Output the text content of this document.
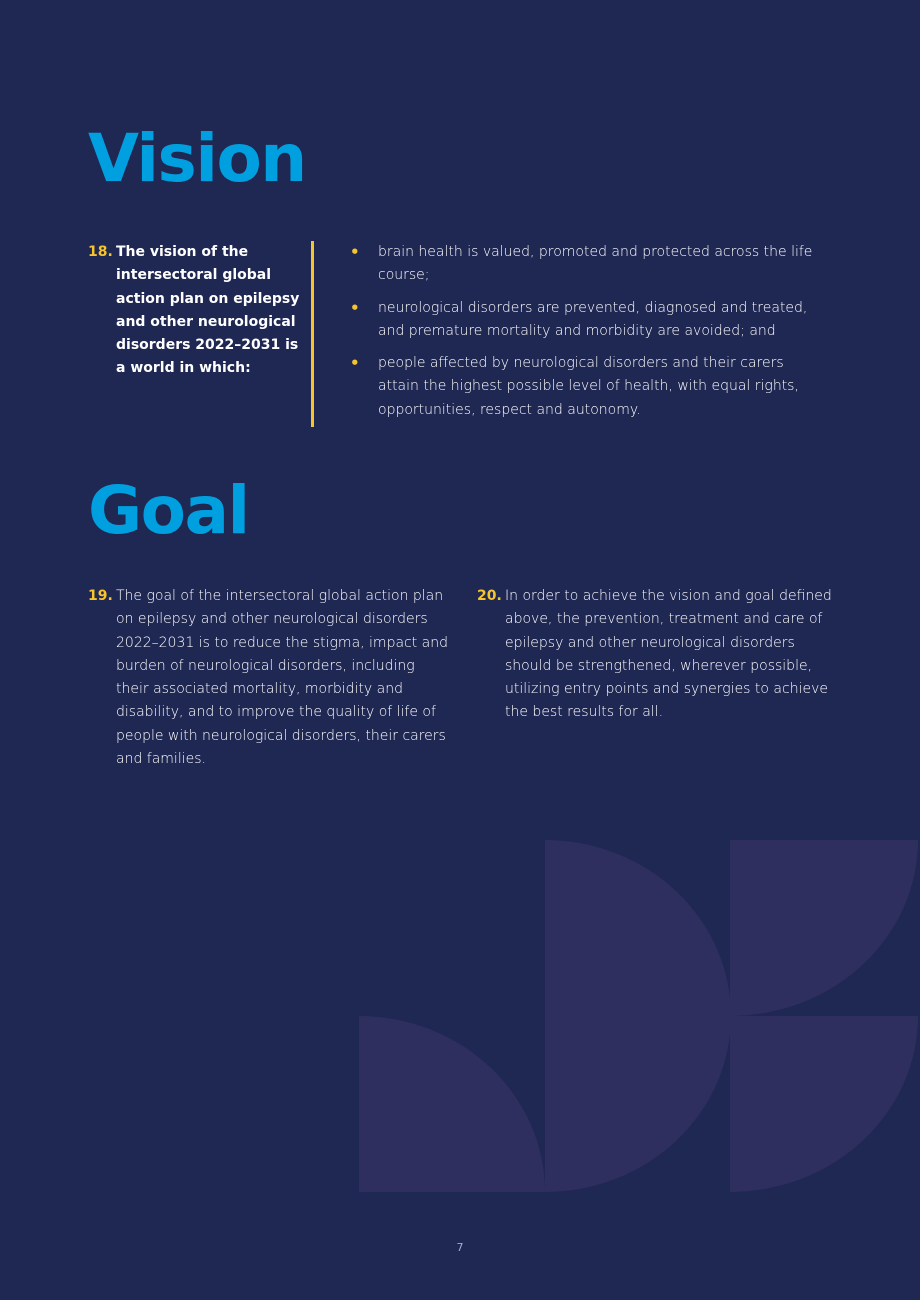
Vision
18. The vision of the intersectoral global action plan on epilepsy and other neurological disorders 2022–2031 is a world in which:

• brain health is valued, promoted and protected across the life course;
• neurological disorders are prevented, diagnosed and treated, and premature mortality and morbidity are avoided; and
• people affected by neurological disorders and their carers attain the highest possible level of health, with equal rights, opportunities, respect and autonomy.
Goal
19. The goal of the intersectoral global action plan on epilepsy and other neurological disorders 2022–2031 is to reduce the stigma, impact and burden of neurological disorders, including their associated mortality, morbidity and disability, and to improve the quality of life of people with neurological disorders, their carers and families.

20. In order to achieve the vision and goal defined above, the prevention, treatment and care of epilepsy and other neurological disorders should be strengthened, wherever possible, utilizing entry points and synergies to achieve the best results for all.

7
